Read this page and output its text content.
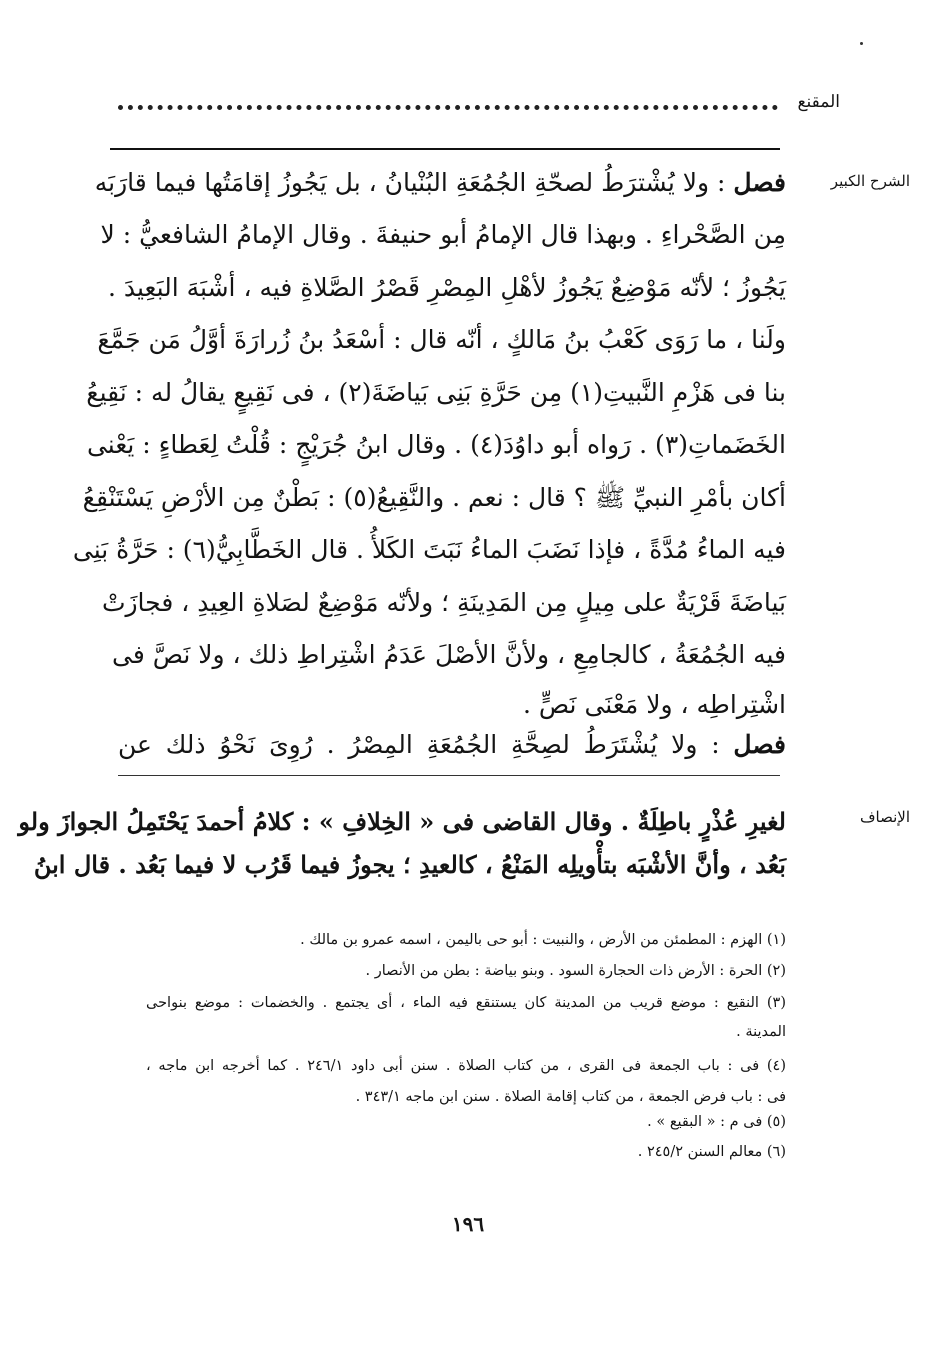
المقنع
الشرح الكبير
فصل : ولا يُشْترَطُ لصحّةِ الجُمُعَةِ البُنْيانُ ، بل يَجُوزُ إقامَتُها فيما قارَبَه
مِن الصَّحْراءِ . وبهذا قال الإمامُ أبو حنيفةَ . وقال الإمامُ الشافعيُّ : لا
يَجُوزُ ؛ لأنّه مَوْضِعٌ يَجُوزُ لأهْلِ المِصْرِ قَصْرُ الصَّلاةِ فيه ، أشْبَهَ البَعِيدَ .
ولَنا ، ما رَوَى كَعْبُ بنُ مَالكٍ ، أنّه قال : أسْعَدُ بنُ زُرارَةَ أوَّلُ مَن جَمَّعَ
بنا فى هَزْمِ النَّبيتِ(١) مِن حَرَّةِ بَنِى بَياضَةَ(٢) ، فى نَقِيعٍ يقالُ له : نَقِيعُ
الخَضَماتِ(٣) . رَواه أبو داوُدَ(٤) . وقال ابنُ جُرَيْجٍ : قُلْتُ لِعَطاءٍ : يَعْنى
أكان بأمْرِ النبيِّ ﷺ ؟ قال : نعم . والنَّقِيعُ(٥) : بَطْنٌ مِن الأرْضِ يَسْتَنْقِعُ
فيه الماءُ مُدَّةً ، فإذا نَضَبَ الماءُ نَبَتَ الكَلأُ . قال الخَطَّابِيُّ(٦) : حَرَّةُ بَنِى
بَياضَةَ قَرْيَةٌ على مِيلٍ مِن المَدِينَةِ ؛ ولأنّه مَوْضِعٌ لصَلاةِ العِيدِ ، فجازَتْ
فيه الجُمُعَةُ ، كالجامِعِ ، ولأنَّ الأصْلَ عَدَمُ اشْتِراطِ ذلك ، ولا نَصَّ فى
اشْتِراطِه ، ولا مَعْنَى نَصٍّ .
فصل : ولا يُشْتَرَطُ لصِحَّةِ الجُمُعَةِ المِصْرُ . رُوِىَ نَحْوُ ذلك عن
الإنصاف
لغيرِ عُذْرٍ باطِلَةٌ . وقال القاضى فى « الخِلافِ » : كلامُ أحمدَ يَحْتَمِلُ الجوازَ ولو
بَعُد ، وأنَّ الأشْبَه بتأْويلِه المَنْعُ ، كالعيدِ ؛ يجوزُ فيما قَرُب لا فيما بَعُد . قال ابنُ
(١) الهزم : المطمئن من الأرض ، والنبيت : أبو حى باليمن ، اسمه عمرو بن مالك .
(٢) الحرة : الأرض ذات الحجارة السود . وبنو بياضة : بطن من الأنصار .
(٣) النقيع : موضع قريب من المدينة كان يستنقع فيه الماء ، أى يجتمع . والخضمات : موضع بنواحى
المدينة .
(٤) فى : باب الجمعة فى القرى ، من كتاب الصلاة . سنن أبى داود ٢٤٦/١ . كما أخرجه ابن ماجه ،
فى : باب فرض الجمعة ، من كتاب إقامة الصلاة . سنن ابن ماجه ٣٤٣/١ .
(٥) فى م : « البقيع » .
(٦) معالم السنن ٢٤٥/٢ .
١٩٦
